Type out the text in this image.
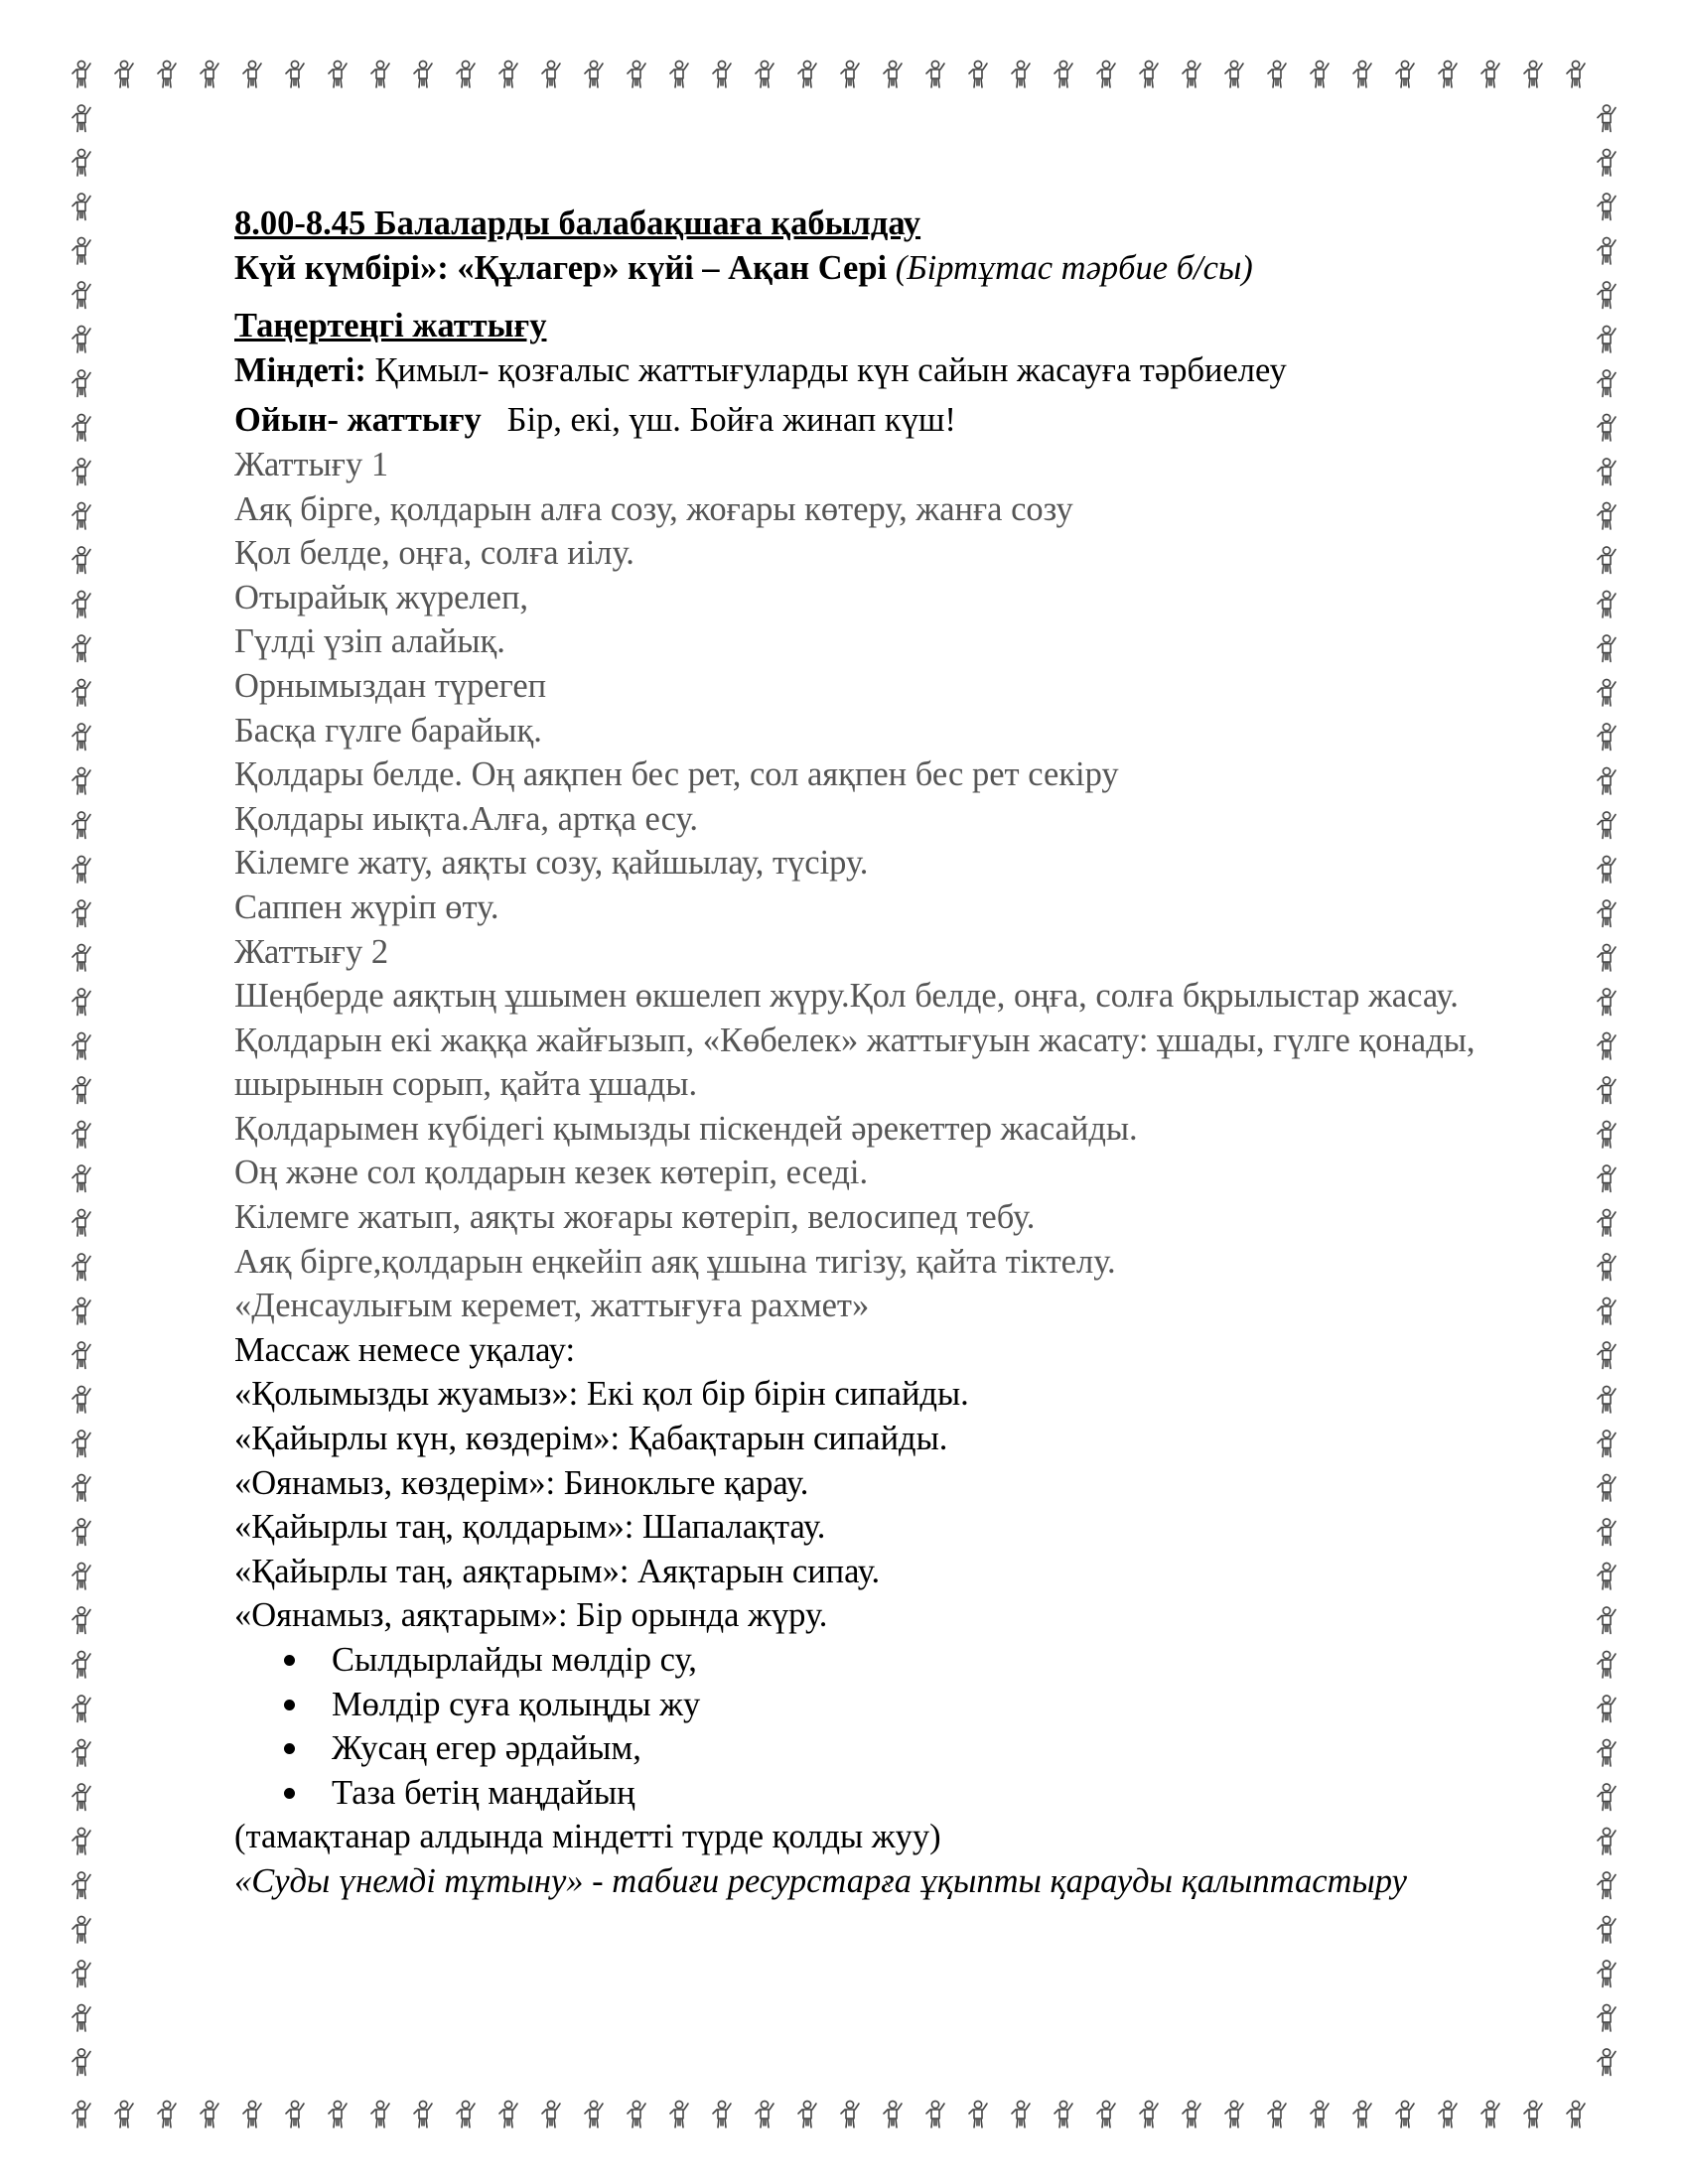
8.00-8.45 Балаларды балабақшаға қабылдау
Күй күмбірі»: «Құлагер» күйі – Ақан Сері (Біртұтас тәрбие б/сы)
Таңертеңгі жаттығу
Міндеті: Қимыл- қозғалыс жаттығуларды күн сайын жасауға тәрбиелеу
Ойын- жаттығу Бір, екі, үш. Бойға жинап күш!
Жаттығу 1
Аяқ бірге, қолдарын алға созу, жоғары көтеру, жанға созу
Қол белде, оңға, солға иілу.
Отырайық жүрелеп,
Гүлді үзіп алайық.
Орнымыздан түрегеп
Басқа гүлге барайық.
Қолдары белде. Оң аяқпен бес рет, сол аяқпен бес рет секіру
Қолдары иықта.Алға, артқа есу.
Кілемге жату, аяқты созу, қайшылау, түсіру.
Саппен жүріп өту.
Жаттығу 2
Шеңберде аяқтың ұшымен өкшелеп жүру.Қол белде, оңға, солға бқрылыстар жасау.
Қолдарын екі жаққа жайғызып, «Көбелек» жаттығуын жасату: ұшады, гүлге қонады, шырынын сорып, қайта ұшады.
Қолдарымен күбідегі қымызды піскендей әрекеттер жасайды.
Оң және сол қолдарын кезек көтеріп, еседі.
Кілемге жатып, аяқты жоғары көтеріп, велосипед тебу.
Аяқ бірге,қолдарын еңкейіп аяқ ұшына тигізу, қайта тіктелу.
«Денсаулығым керемет, жаттығуға рахмет»
Массаж немесе уқалау:
«Қолымызды жуамыз»: Екі қол бір бірін сипайды.
«Қайырлы күн, көздерім»: Қабақтарын сипайды.
«Оянамыз, көздерім»: Бинокльге қарау.
«Қайырлы таң, қолдарым»: Шапалақтау.
«Қайырлы таң, аяқтарым»: Аяқтарын сипау.
«Оянамыз, аяқтарым»: Бір орында жүру.
Сылдырлайды мөлдір су,
Мөлдір суға қолыңды жу
Жусаң егер әрдайым,
Таза бетің маңдайың
(тамақтанар алдында міндетті түрде қолды жуу)
«Суды үнемді тұтыну» - табиғи ресурстарға ұқыпты қарауды қалыптастыру
